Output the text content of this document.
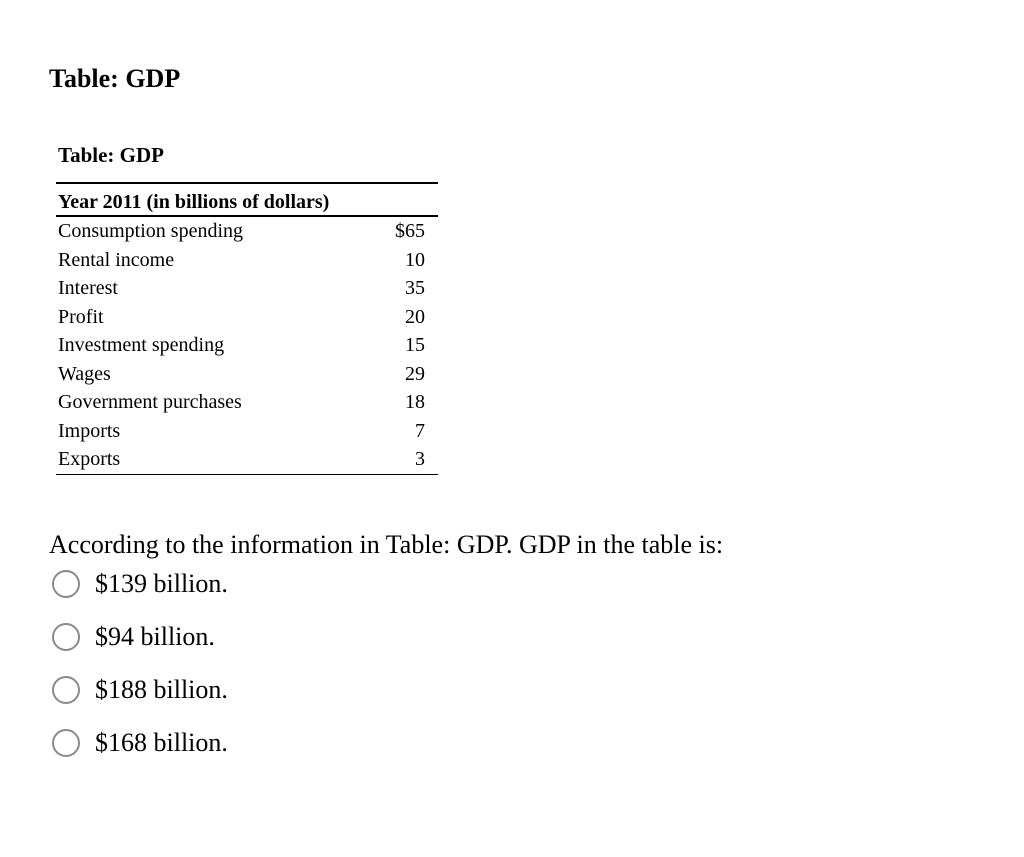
Table: GDP
Table: GDP
Year 2011 (in billions of dollars)	
Consumption spending	$65
Rental income	10
Interest	35
Profit	20
Investment spending	15
Wages	29
Government purchases	18
Imports	7
Exports	3

According to the information in Table: GDP. GDP in the table is:

$139 billion.
$94 billion.
$188 billion.
$168 billion.
